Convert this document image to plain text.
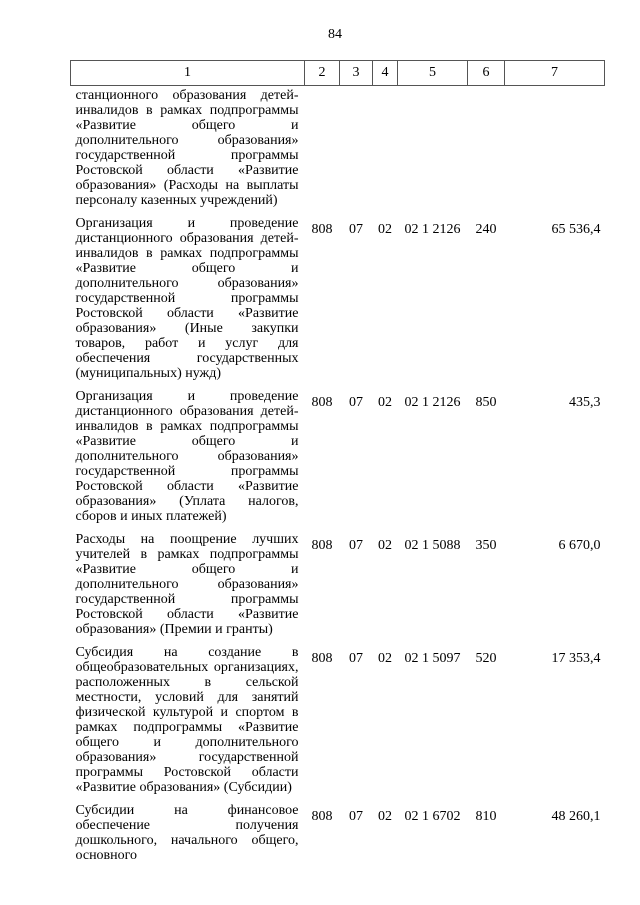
84
1	2	3	4	5	6	7
станционного образования детей-инвалидов в рамках подпрограммы «Развитие общего и дополнительного образования» государственной программы Ростовской области «Развитие образования» (Расходы на выплаты персоналу казенных учреждений)						
Организация и проведение дистанционного образования детей-инвалидов в рамках подпрограммы «Развитие общего и дополнительного образования» государственной программы Ростовской области «Развитие образования» (Иные закупки товаров, работ и услуг для обеспечения государственных (муниципальных) нужд)	808	07	02	02 1 2126	240	65 536,4
Организация и проведение дистанционного образования детей-инвалидов в рамках подпрограммы «Развитие общего и дополнительного образования» государственной программы Ростовской области «Развитие образования» (Уплата налогов, сборов и иных платежей)	808	07	02	02 1 2126	850	435,3
Расходы на поощрение лучших учителей в рамках подпрограммы «Развитие общего и дополнительного образования» государственной программы Ростовской области «Развитие образования» (Премии и гранты)	808	07	02	02 1 5088	350	6 670,0
Субсидия на создание в общеобразовательных организациях, расположенных в сельской местности, условий для занятий физической культурой и спортом в рамках подпрограммы «Развитие общего и дополнительного образования» государственной программы Ростовской области «Развитие образования» (Субсидии)	808	07	02	02 1 5097	520	17 353,4
Субсидии на финансовое обеспечение получения дошкольного, начального общего, основного	808	07	02	02 1 6702	810	48 260,1
